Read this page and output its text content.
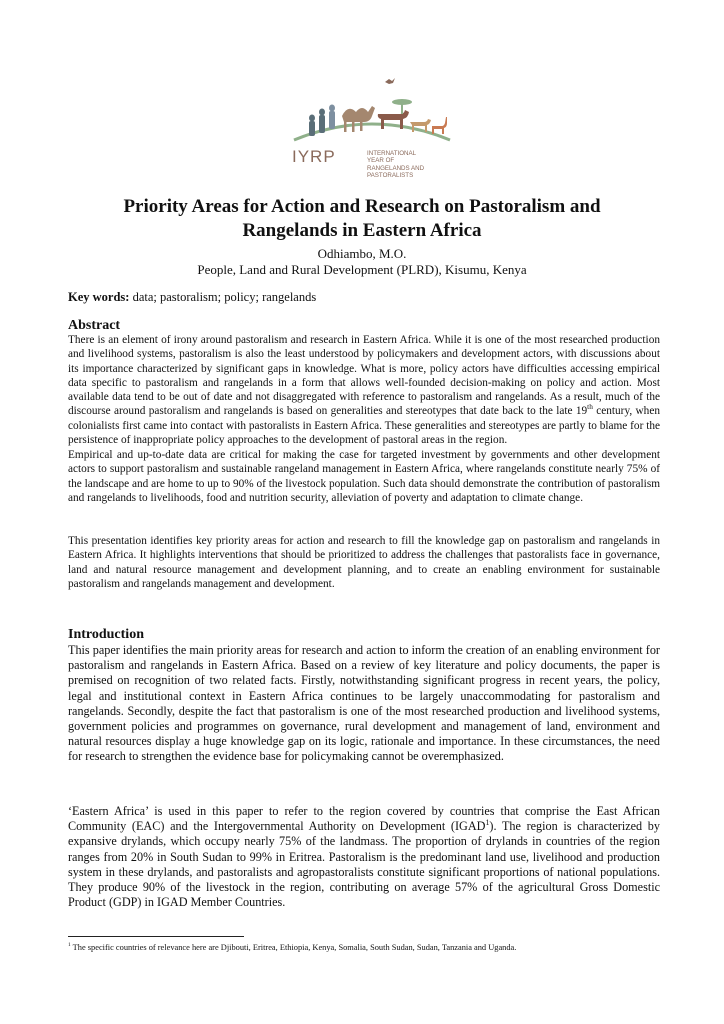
IYRP	INTERNATIONAL
YEAR OF
RANGELANDS AND
PASTORALISTS
Priority Areas for Action and Research on Pastoralism and
Rangelands in Eastern Africa
Odhiambo, M.O.
People, Land and Rural Development (PLRD), Kisumu, Kenya
Key words: data; pastoralism; policy; rangelands
Abstract
There is an element of irony around pastoralism and research in Eastern Africa. While it is one of the most researched production and livelihood systems, pastoralism is also the least understood by policymakers and development actors, with discussions about its importance characterized by significant gaps in knowledge. What is more, policy actors have difficulties accessing empirical data specific to pastoralism and rangelands in a form that allows well-founded decision-making on policy and action. Most available data tend to be out of date and not disaggregated with reference to pastoralism and rangelands. As a result, much of the discourse around pastoralism and rangelands is based on generalities and stereotypes that date back to the late 19th century, when colonialists first came into contact with pastoralists in Eastern Africa. These generalities and stereotypes are partly to blame for the persistence of inappropriate policy approaches to the development of pastoral areas in the region.
Empirical and up-to-date data are critical for making the case for targeted investment by governments and other development actors to support pastoralism and sustainable rangeland management in Eastern Africa, where rangelands constitute nearly 75% of the landscape and are home to up to 90% of the livestock population. Such data should demonstrate the contribution of pastoralism and rangelands to livelihoods, food and nutrition security, alleviation of poverty and adaptation to climate change.
This presentation identifies key priority areas for action and research to fill the knowledge gap on pastoralism and rangelands in Eastern Africa. It highlights interventions that should be prioritized to address the challenges that pastoralists face in governance, land and natural resource management and development planning, and to create an enabling environment for sustainable pastoralism and rangelands management and development.
Introduction
This paper identifies the main priority areas for research and action to inform the creation of an enabling environment for pastoralism and rangelands in Eastern Africa. Based on a review of key literature and policy documents, the paper is premised on recognition of two related facts. Firstly, notwithstanding significant progress in recent years, the policy, legal and institutional context in Eastern Africa continues to be largely unaccommodating for pastoralism and rangelands. Secondly, despite the fact that pastoralism is one of the most researched production and livelihood systems, government policies and programmes on governance, rural development and management of land, environment and natural resources display a huge knowledge gap on its logic, rationale and importance. In these circumstances, the need for research to strengthen the evidence base for policymaking cannot be overemphasized.
‘Eastern Africa’ is used in this paper to refer to the region covered by countries that comprise the East African Community (EAC) and the Intergovernmental Authority on Development (IGAD$^1$). The region is characterized by expansive drylands, which occupy nearly 75% of the landmass. The proportion of drylands in countries of the region ranges from 20% in South Sudan to 99% in Eritrea. Pastoralism is the predominant land use, livelihood and production system in these drylands, and pastoralists and agropastoralists constitute significant proportions of national populations. They produce 90% of the livestock in the region, contributing on average 57% of the agricultural Gross Domestic Product (GDP) in IGAD Member Countries.
$^1$ The specific countries of relevance here are Djibouti, Eritrea, Ethiopia, Kenya, Somalia, South Sudan, Sudan, Tanzania and Uganda.
